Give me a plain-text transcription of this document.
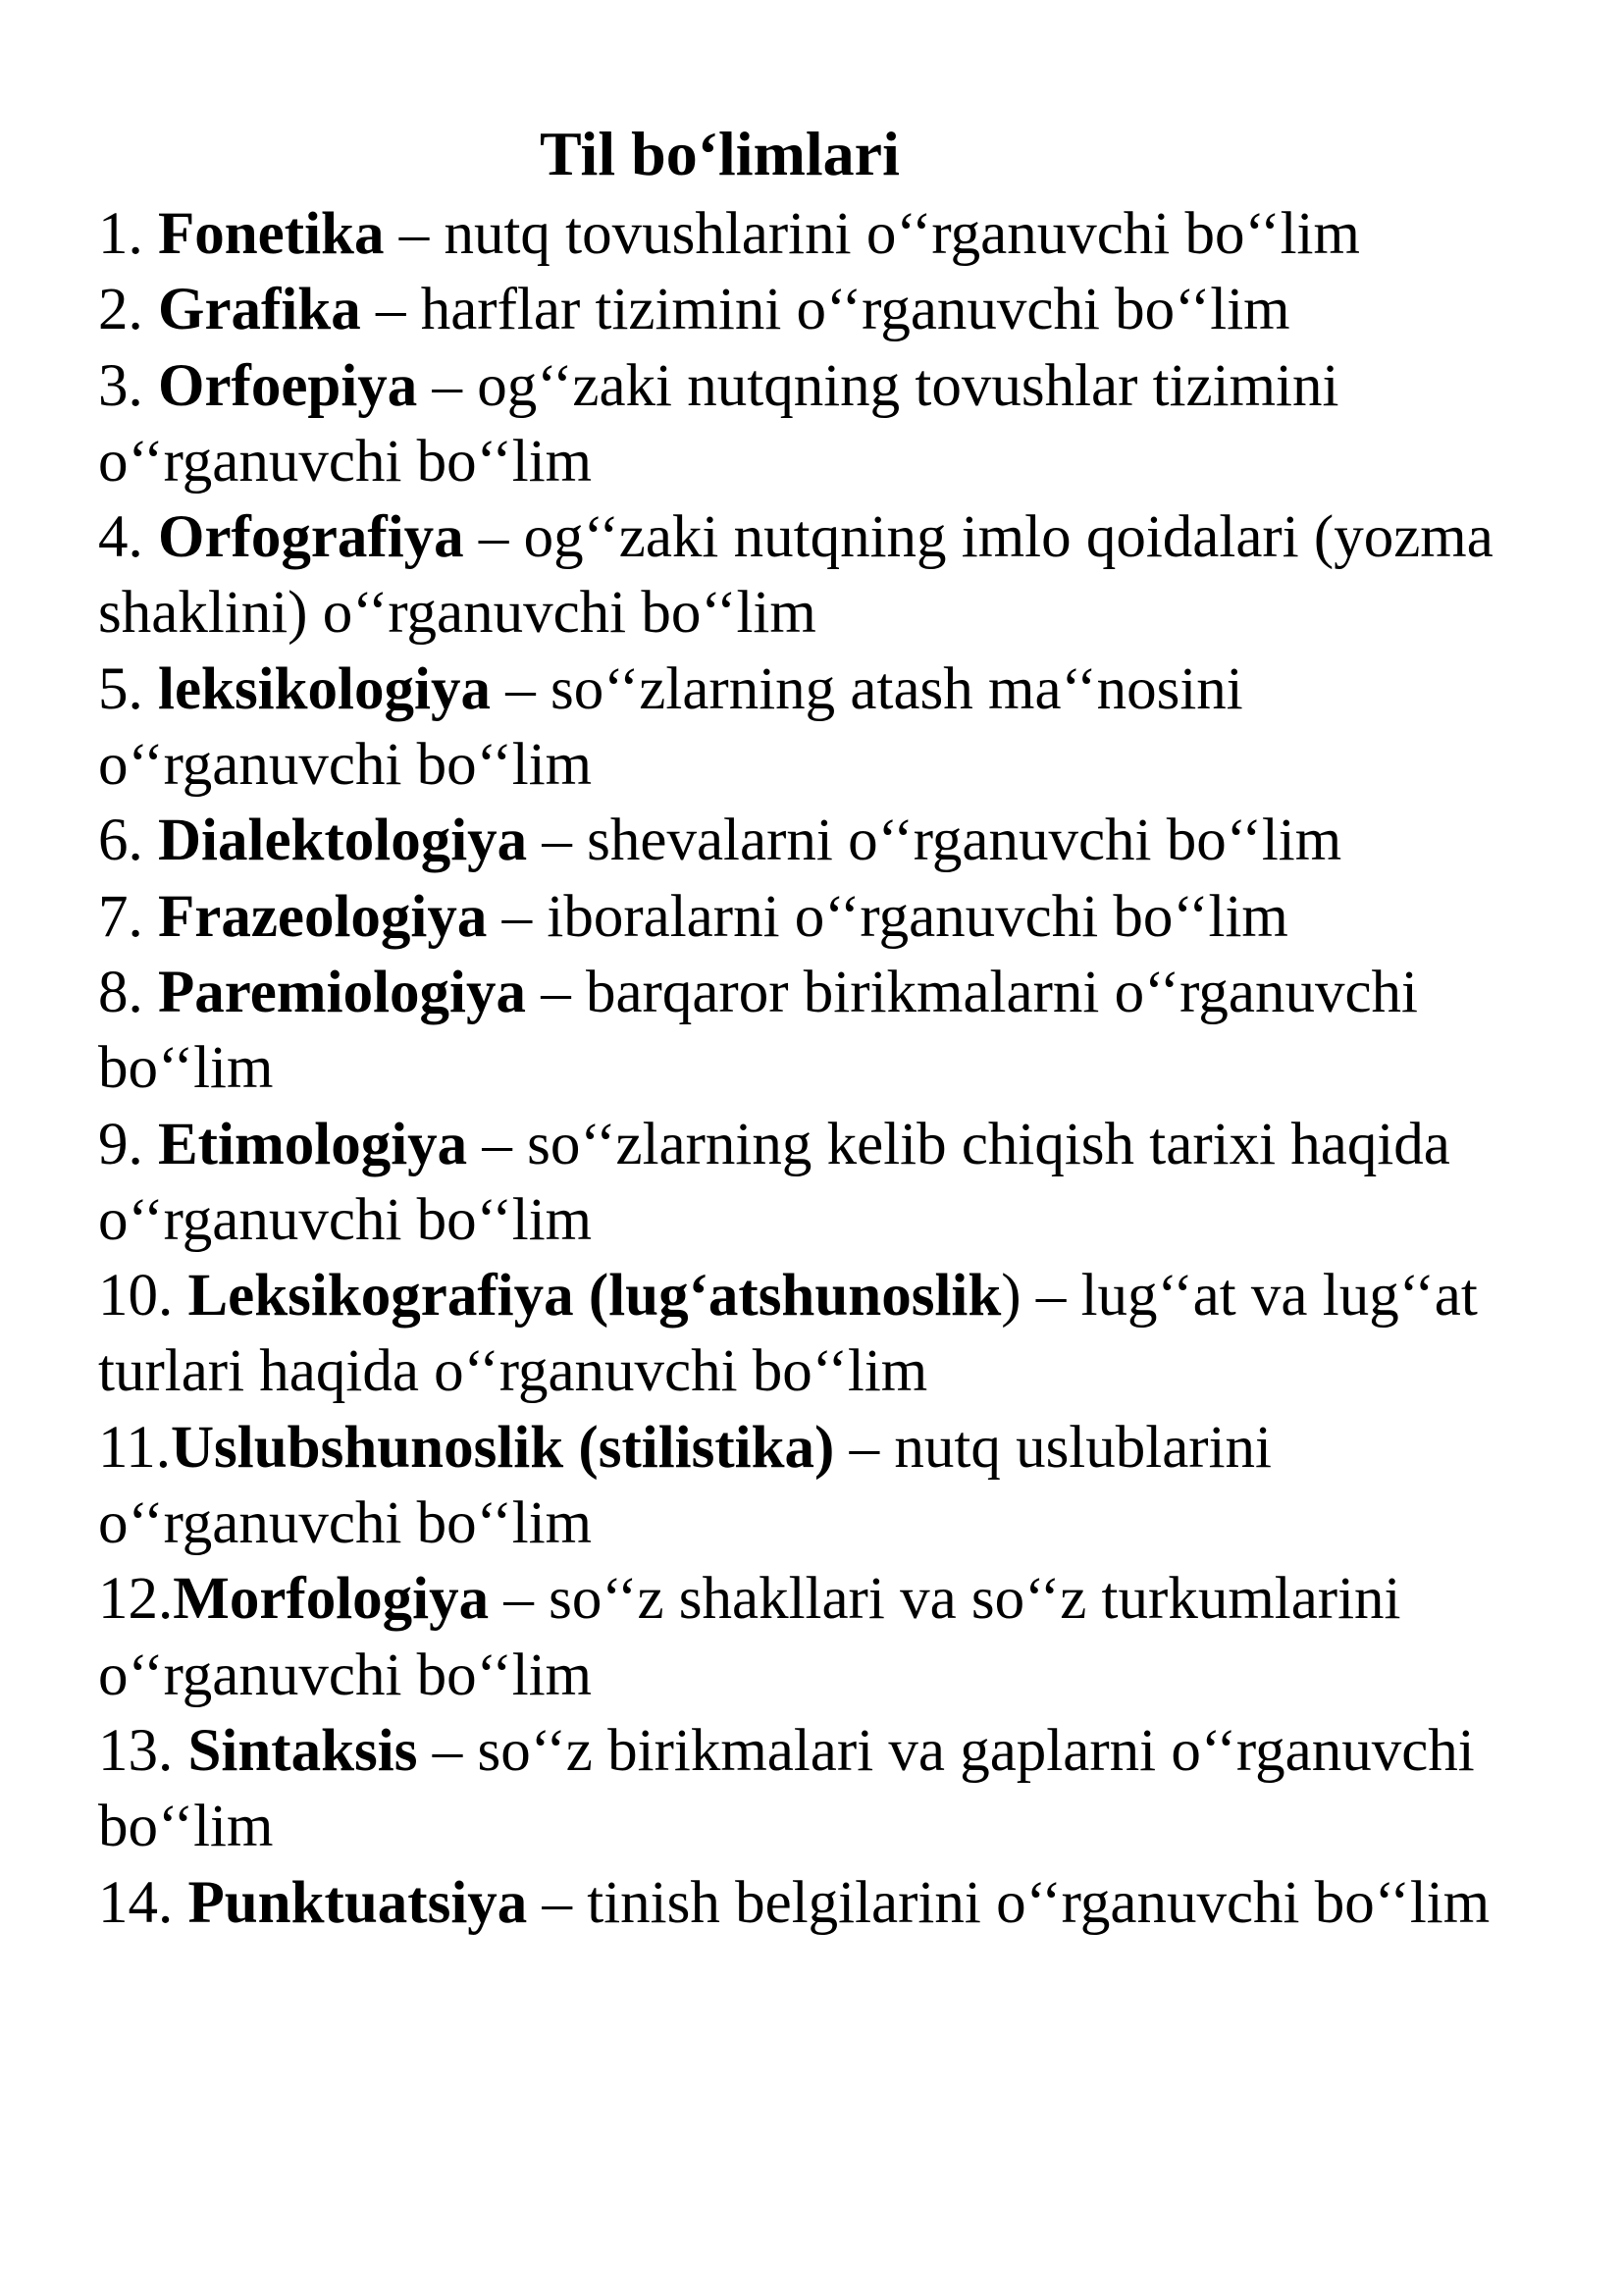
Til bo‘limlari
1. Fonetika – nutq tovushlarini o‘‘rganuvchi bo‘‘lim
2. Grafika – harflar tizimini o‘‘rganuvchi bo‘‘lim
3. Orfoepiya – og‘‘zaki nutqning tovushlar tizimini o‘‘rganuvchi bo‘‘lim
4. Orfografiya – og‘‘zaki nutqning imlo qoidalari (yozma shaklini) o‘‘rganuvchi bo‘‘lim
5. leksikologiya – so‘‘zlarning atash ma‘‘nosini o‘‘rganuvchi bo‘‘lim
6. Dialektologiya – shevalarni o‘‘rganuvchi bo‘‘lim
7. Frazeologiya – iboralarni o‘‘rganuvchi bo‘‘lim
8. Paremiologiya – barqaror birikmalarni o‘‘rganuvchi bo‘‘lim
9. Etimologiya – so‘‘zlarning kelib chiqish tarixi haqida o‘‘rganuvchi bo‘‘lim
10. Leksikografiya (lug‘atshunoslik) – lug‘‘at va lug‘‘at turlari haqida o‘‘rganuvchi bo‘‘lim
11.Uslubshunoslik (stilistika) – nutq uslublarini o‘‘rganuvchi bo‘‘lim
12.Morfologiya – so‘‘z shakllari va so‘‘z turkumlarini o‘‘rganuvchi bo‘‘lim
13. Sintaksis – so‘‘z birikmalari va gaplarni o‘‘rganuvchi bo‘‘lim
14. Punktuatsiya – tinish belgilarini o‘‘rganuvchi bo‘‘lim
